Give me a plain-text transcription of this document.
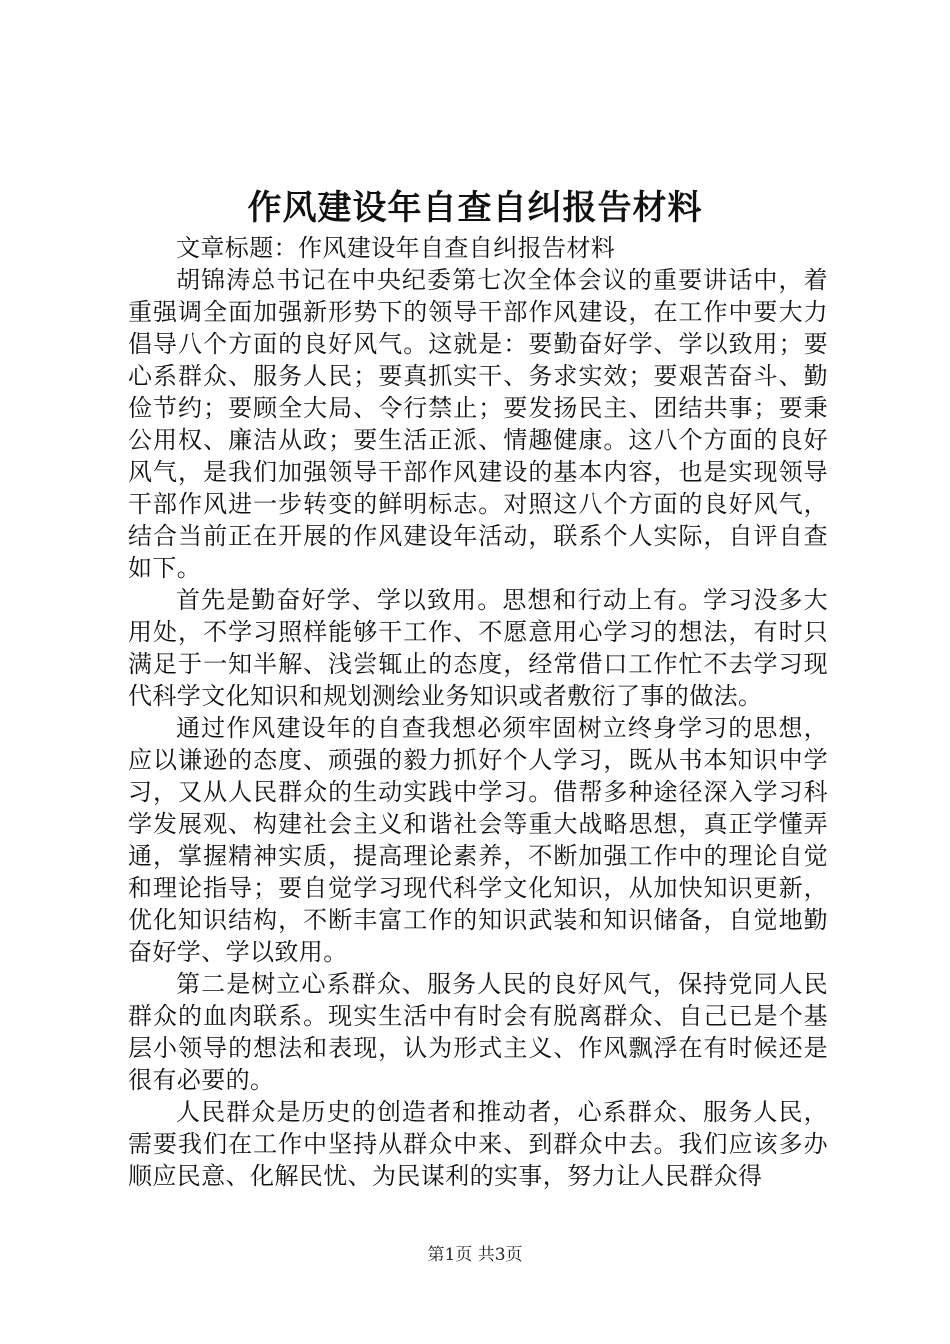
作风建设年自查自纠报告材料

文章标题：作风建设年自查自纠报告材料

胡锦涛总书记在中央纪委第七次全体会议的重要讲话中，着重强调全面加强新形势下的领导干部作风建设，在工作中要大力倡导八个方面的良好风气。这就是：要勤奋好学、学以致用；要心系群众、服务人民；要真抓实干、务求实效；要艰苦奋斗、勤俭节约；要顾全大局、令行禁止；要发扬民主、团结共事；要秉公用权、廉洁从政；要生活正派、情趣健康。这八个方面的良好风气，是我们加强领导干部作风建设的基本内容，也是实现领导干部作风进一步转变的鲜明标志。对照这八个方面的良好风气，结合当前正在开展的作风建设年活动，联系个人实际，自评自查如下。

首先是勤奋好学、学以致用。思想和行动上有。学习没多大用处，不学习照样能够干工作、不愿意用心学习的想法，有时只满足于一知半解、浅尝辄止的态度，经常借口工作忙不去学习现代科学文化知识和规划测绘业务知识或者敷衍了事的做法。

通过作风建设年的自查我想必须牢固树立终身学习的思想，应以谦逊的态度、顽强的毅力抓好个人学习，既从书本知识中学习，又从人民群众的生动实践中学习。借帮多种途径深入学习科学发展观、构建社会主义和谐社会等重大战略思想，真正学懂弄通，掌握精神实质，提高理论素养，不断加强工作中的理论自觉和理论指导；要自觉学习现代科学文化知识，从加快知识更新，优化知识结构，不断丰富工作的知识武装和知识储备，自觉地勤奋好学、学以致用。

第二是树立心系群众、服务人民的良好风气，保持党同人民群众的血肉联系。现实生活中有时会有脱离群众、自己已是个基层小领导的想法和表现，认为形式主义、作风飘浮在有时候还是很有必要的。

人民群众是历史的创造者和推动者，心系群众、服务人民，需要我们在工作中坚持从群众中来、到群众中去。我们应该多办顺应民意、化解民忧、为民谋利的实事，努力让人民群众得

第1页 共3页
